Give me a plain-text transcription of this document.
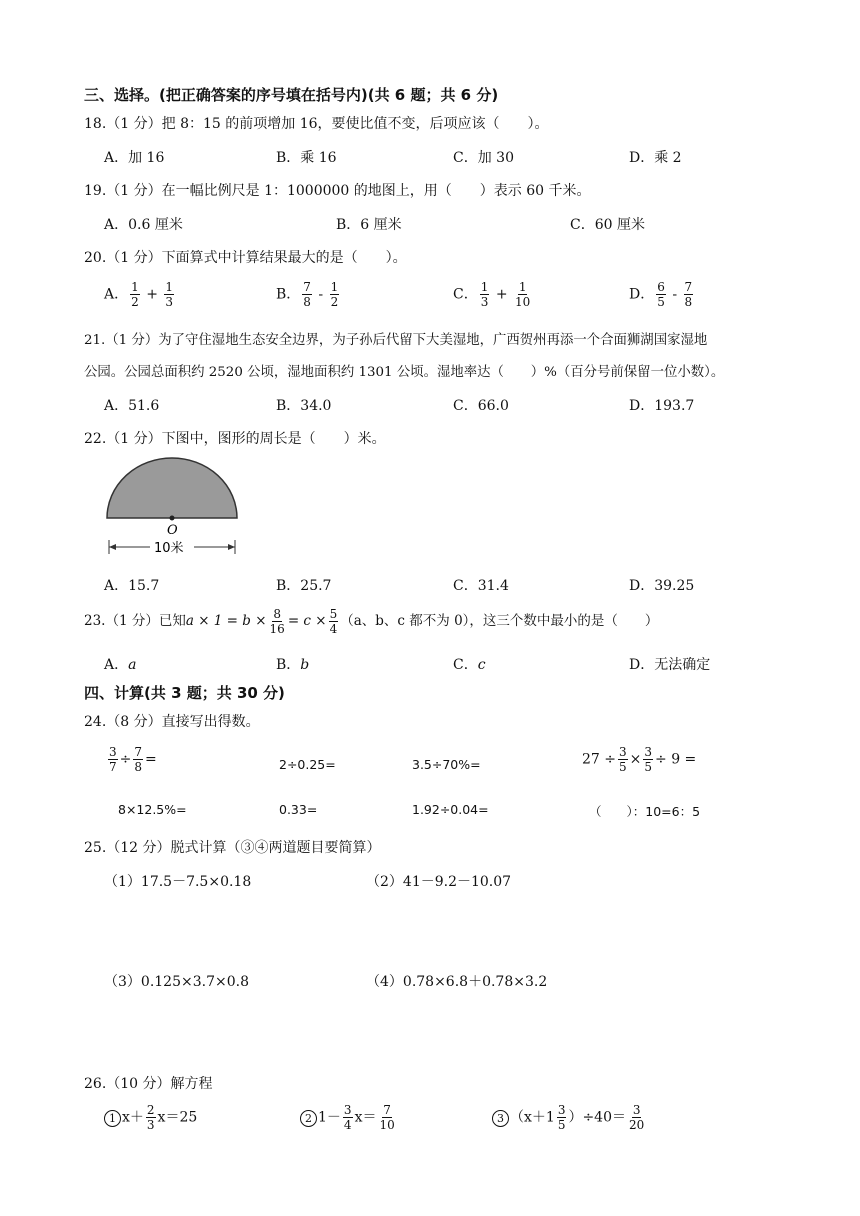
三、选择。(把正确答案的序号填在括号内)(共 6 题；共 6 分)
18.（1 分）把 8：15 的前项增加 16，要使比值不变，后项应该（　　）。
A．加 16	B．乘 16	C．加 30	D．乘 2
19.（1 分）在一幅比例尺是 1：1000000 的地图上，用（　　）表示 60 千米。
A．0.6 厘米	B．6 厘米	C．60 厘米
20.（1 分）下面算式中计算结果最大的是（　　）。
A． $\frac{1}{2} + \frac{1}{3}$	B． $\frac{7}{8} - \frac{1}{2}$	C． $\frac{1}{3} + \frac{1}{10}$	D． $\frac{6}{5} - \frac{7}{8}$
21.（1 分）为了守住湿地生态安全边界，为子孙后代留下大美湿地，广西贺州再添一个合面狮湖国家湿地
公园。公园总面积约 2520 公顷，湿地面积约 1301 公顷。湿地率达（　　）%（百分号前保留一位小数）。
A．51.6	B．34.0	C．66.0	D．193.7
22.（1 分）下图中，图形的周长是（　　）米。
O
10米
A．15.7	B．25.7	C．31.4	D．39.25
23.（1 分）已知$a \times 1 = b \times \frac{8}{16} = c \times \frac{5}{4} (a$、b、c 都不为 0），这三个数中最小的是（　　）
A．a	B．b	C．c	D．无法确定
四、计算(共 3 题；共 30 分)
24.（8 分）直接写出得数。
$\frac{3}{7} \div \frac{7}{8}$ =	2÷0.25=	3.5÷70%=	$27 \div \frac{3}{5} \times \frac{3}{5} \div 9$ =
8×12.5%=	0.33=	1.92÷0.04=	（　　）：10=6：5
25.（12 分）脱式计算（③④两道题目要简算）
（1）17.5－7.5×0.18	（2）41－9.2－10.07
（3）0.125×3.7×0.8	（4）0.78×6.8＋0.78×3.2
26.（10 分）解方程
1 $x+ \frac{2}{3} x=25$	2 $1- \frac{3}{4} x= \frac{7}{10}$	3 $(x+1 \frac{3}{5} )\div 40= \frac{3}{20}$
